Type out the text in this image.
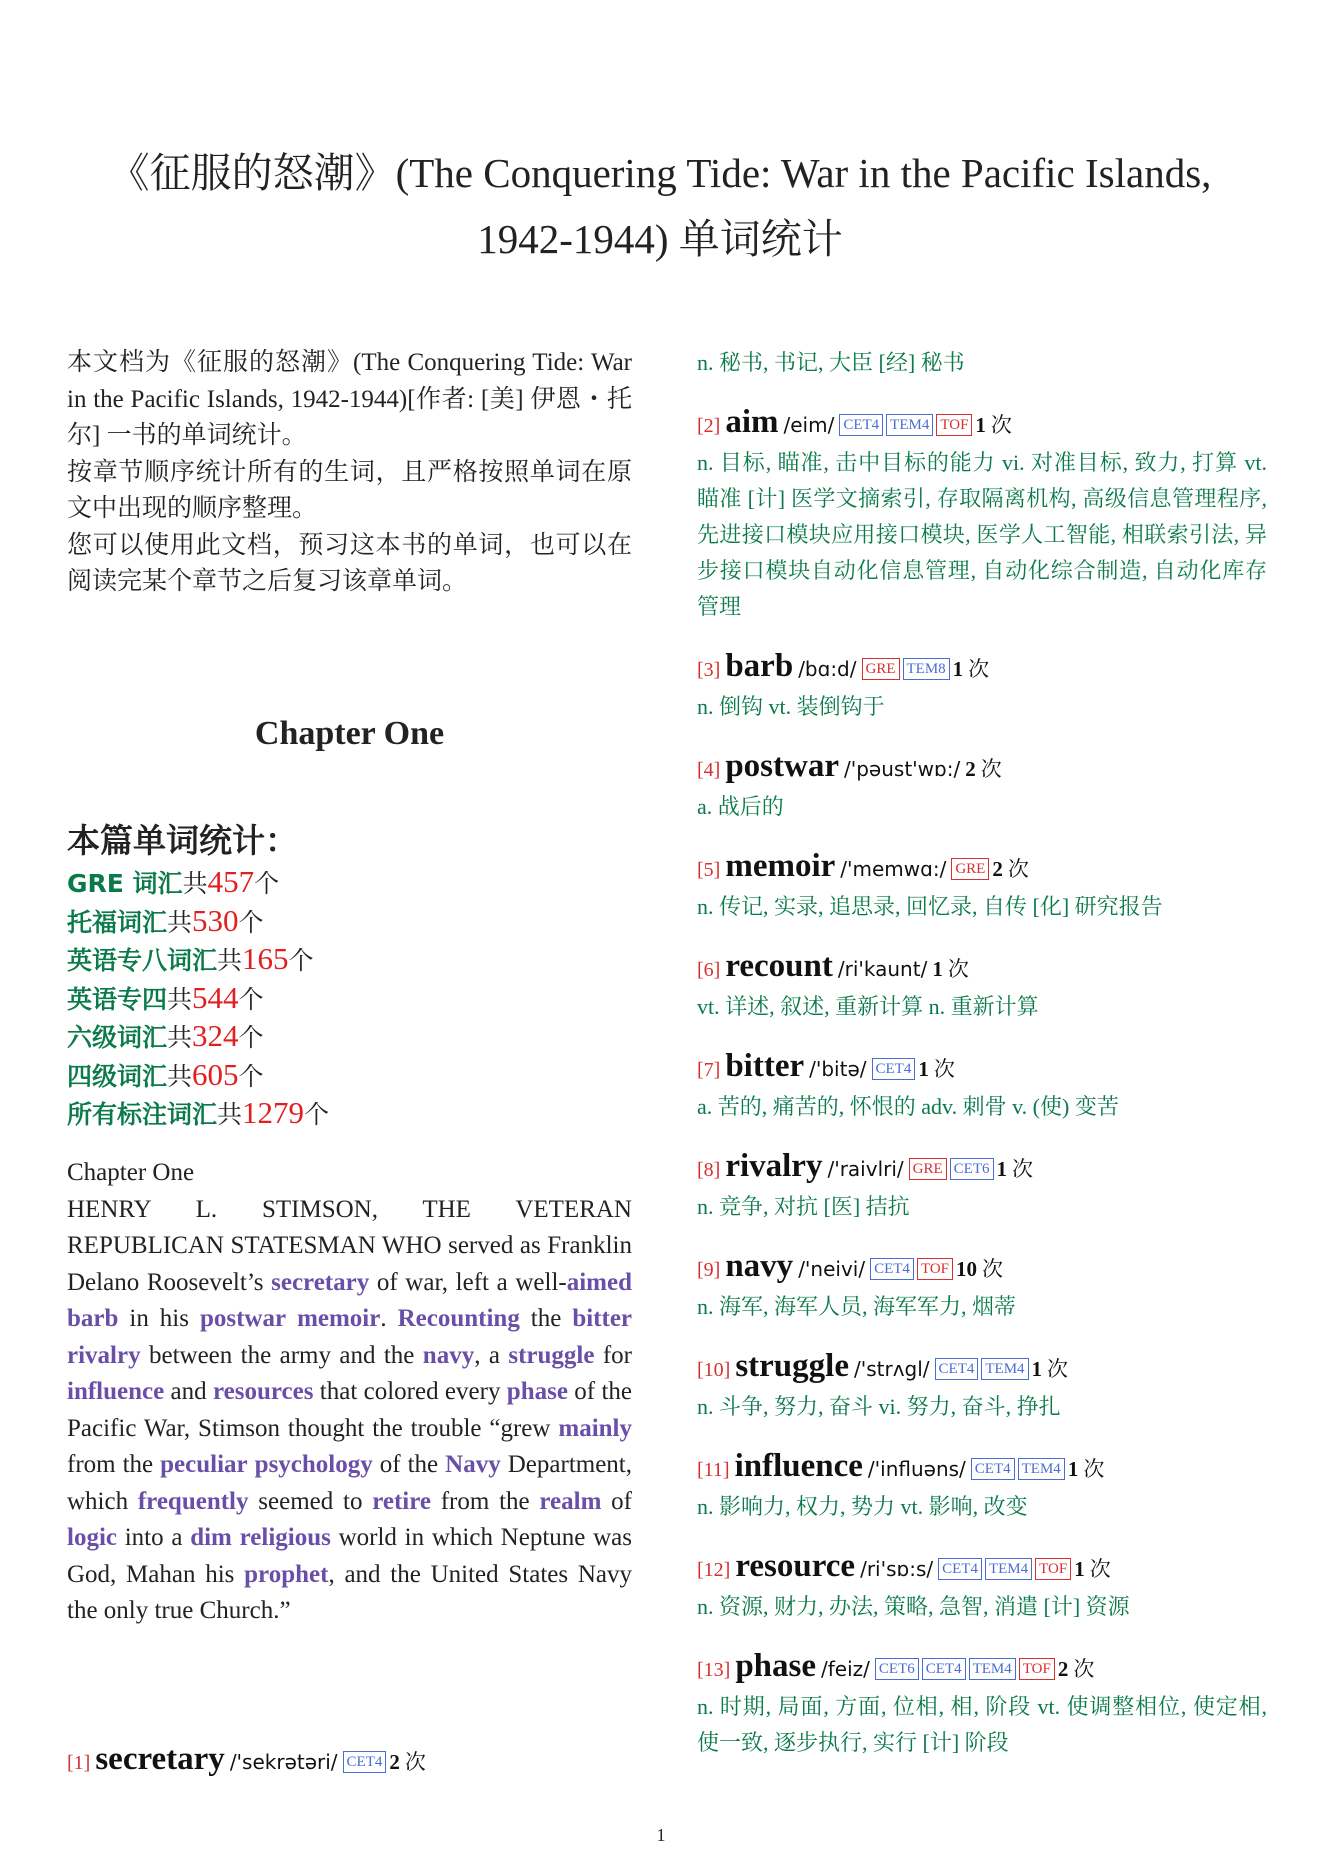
《征服的怒潮》(The Conquering Tide: War in the Pacific Islands, 1942-1944) 单词统计

本文档为《征服的怒潮》(The Conquering Tide: War in the Pacific Islands, 1942-1944)[作者: [美] 伊恩・托尔] 一书的单词统计。

按章节顺序统计所有的生词，且严格按照单词在原文中出现的顺序整理。

您可以使用此文档，预习这本书的单词，也可以在阅读完某个章节之后复习该章单词。

Chapter One
本篇单词统计：
GRE 词汇共457个
托福词汇共530个
英语专八词汇共165个
英语专四共544个
六级词汇共324个
四级词汇共605个
所有标注词汇共1279个
Chapter One

HENRY L. STIMSON, THE VETERAN REPUBLICAN STATESMAN WHO served as Franklin Delano Roosevelt’s secretary of war, left a well-aimed barb in his postwar memoir. Recounting the bitter rivalry between the army and the navy, a struggle for influence and resources that colored every phase of the Pacific War, Stimson thought the trouble “grew mainly from the peculiar psychology of the Navy Department, which frequently seemed to retire from the realm of logic into a dim religious world in which Neptune was God, Mahan his prophet, and the United States Navy the only true Church.”

[1] secretary /'sekrətəri/ CET4 2 次
n. 秘书, 书记, 大臣 [经] 秘书
[2] aim /eim/ CET4 TEM4 TOF 1 次
n. 目标, 瞄准, 击中目标的能力 vi. 对准目标, 致力, 打算 vt. 瞄准 [计] 医学文摘索引, 存取隔离机构, 高级信息管理程序, 先进接口模块应用接口模块, 医学人工智能, 相联索引法, 异步接口模块自动化信息管理, 自动化综合制造, 自动化库存管理
[3] barb /bɑ:d/ GRE TEM8 1 次
n. 倒钩 vt. 装倒钩于
[4] postwar /'pəust'wɒ:/ 2 次
a. 战后的
[5] memoir /'memwɑ:/ GRE 2 次
n. 传记, 实录, 追思录, 回忆录, 自传 [化] 研究报告
[6] recount /ri'kaunt/ 1 次
vt. 详述, 叙述, 重新计算 n. 重新计算
[7] bitter /'bitə/ CET4 1 次
a. 苦的, 痛苦的, 怀恨的 adv. 刺骨 v. (使) 变苦
[8] rivalry /'raivlri/ GRE CET6 1 次
n. 竞争, 对抗 [医] 拮抗
[9] navy /'neivi/ CET4 TOF 10 次
n. 海军, 海军人员, 海军军力, 烟蒂
[10] struggle /'strʌgl/ CET4 TEM4 1 次
n. 斗争, 努力, 奋斗 vi. 努力, 奋斗, 挣扎
[11] influence /'influəns/ CET4 TEM4 1 次
n. 影响力, 权力, 势力 vt. 影响, 改变
[12] resource /ri'sɒ:s/ CET4 TEM4 TOF 1 次
n. 资源, 财力, 办法, 策略, 急智, 消遣 [计] 资源
[13] phase /feiz/ CET6 CET4 TEM4 TOF 2 次
n. 时期, 局面, 方面, 位相, 相, 阶段 vt. 使调整相位, 使定相, 使一致, 逐步执行, 实行 [计] 阶段
1
